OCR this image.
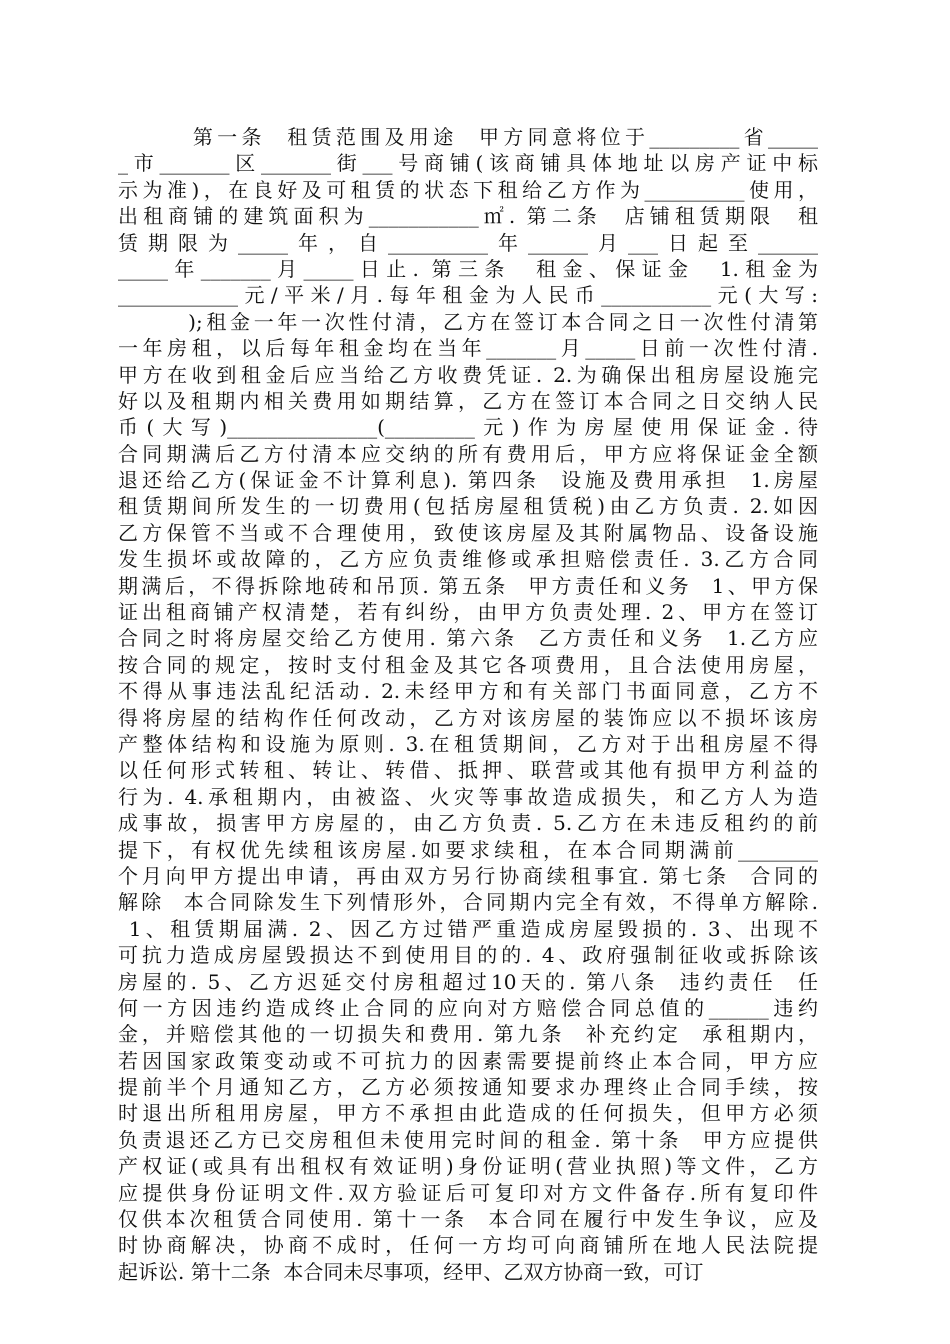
第一条  租赁范围及用途  甲方同意将位于_________省_____
_市_______区_______街___号商铺(该商铺具体地址以房产证中标
示为准)，在良好及可租赁的状态下租给乙方作为__________使用，
出租商铺的建筑面积为___________㎡. 第二条  店铺租赁期限  租
赁期限为_____年，自__________年______月___日起至______
_____年_______月_____日止. 第三条  租金、保证金  1.租金为
____________元/平米/月.每年租金为人民币___________元(大写:
);租金一年一次性付清，乙方在签订本合同之日一次性付清第
一年房租，以后每年租金均在当年_______月_____日前一次性付清.
甲方在收到租金后应当给乙方收费凭证. 2.为确保出租房屋设施完
好以及租期内相关费用如期结算，乙方在签订本合同之日交纳人民
币(大写)_______________(_________元)作为房屋使用保证金.待
合同期满后乙方付清本应交纳的所有费用后，甲方应将保证金全额
退还给乙方(保证金不计算利息). 第四条  设施及费用承担  1.房屋
租赁期间所发生的一切费用(包括房屋租赁税)由乙方负责. 2.如因
乙方保管不当或不合理使用，致使该房屋及其附属物品、设备设施
发生损坏或故障的，乙方应负责维修或承担赔偿责任. 3.乙方合同
期满后，不得拆除地砖和吊顶. 第五条  甲方责任和义务  1、甲方保
证出租商铺产权清楚，若有纠纷，由甲方负责处理. 2、甲方在签订
合同之时将房屋交给乙方使用. 第六条  乙方责任和义务  1.乙方应
按合同的规定，按时支付租金及其它各项费用，且合法使用房屋，
不得从事违法乱纪活动. 2.未经甲方和有关部门书面同意，乙方不
得将房屋的结构作任何改动，乙方对该房屋的装饰应以不损坏该房
产整体结构和设施为原则. 3.在租赁期间，乙方对于出租房屋不得
以任何形式转租、转让、转借、抵押、联营或其他有损甲方利益的
行为. 4.承租期内，由被盗、火灾等事故造成损失，和乙方人为造
成事故，损害甲方房屋的，由乙方负责. 5.乙方在未违反租约的前
提下，有权优先续租该房屋.如要求续租，在本合同期满前________
个月向甲方提出申请，再由双方另行协商续租事宜. 第七条  合同的
解除  本合同除发生下列情形外，合同期内完全有效，不得单方解除.
1、租赁期届满. 2、因乙方过错严重造成房屋毁损的. 3、出现不
可抗力造成房屋毁损达不到使用目的的. 4、政府强制征收或拆除该
房屋的. 5、乙方迟延交付房租超过10天的. 第八条  违约责任  任
何一方因违约造成终止合同的应向对方赔偿合同总值的______违约
金，并赔偿其他的一切损失和费用. 第九条  补充约定  承租期内，
若因国家政策变动或不可抗力的因素需要提前终止本合同，甲方应
提前半个月通知乙方，乙方必须按通知要求办理终止合同手续，按
时退出所租用房屋，甲方不承担由此造成的任何损失，但甲方必须
负责退还乙方已交房租但未使用完时间的租金. 第十条  甲方应提供
产权证(或具有出租权有效证明)身份证明(营业执照)等文件，乙方
应提供身份证明文件.双方验证后可复印对方文件备存.所有复印件
仅供本次租赁合同使用. 第十一条  本合同在履行中发生争议，应及
时协商解决，协商不成时，任何一方均可向商铺所在地人民法院提
起诉讼. 第十二条  本合同未尽事项，经甲、乙双方协商一致，可订
